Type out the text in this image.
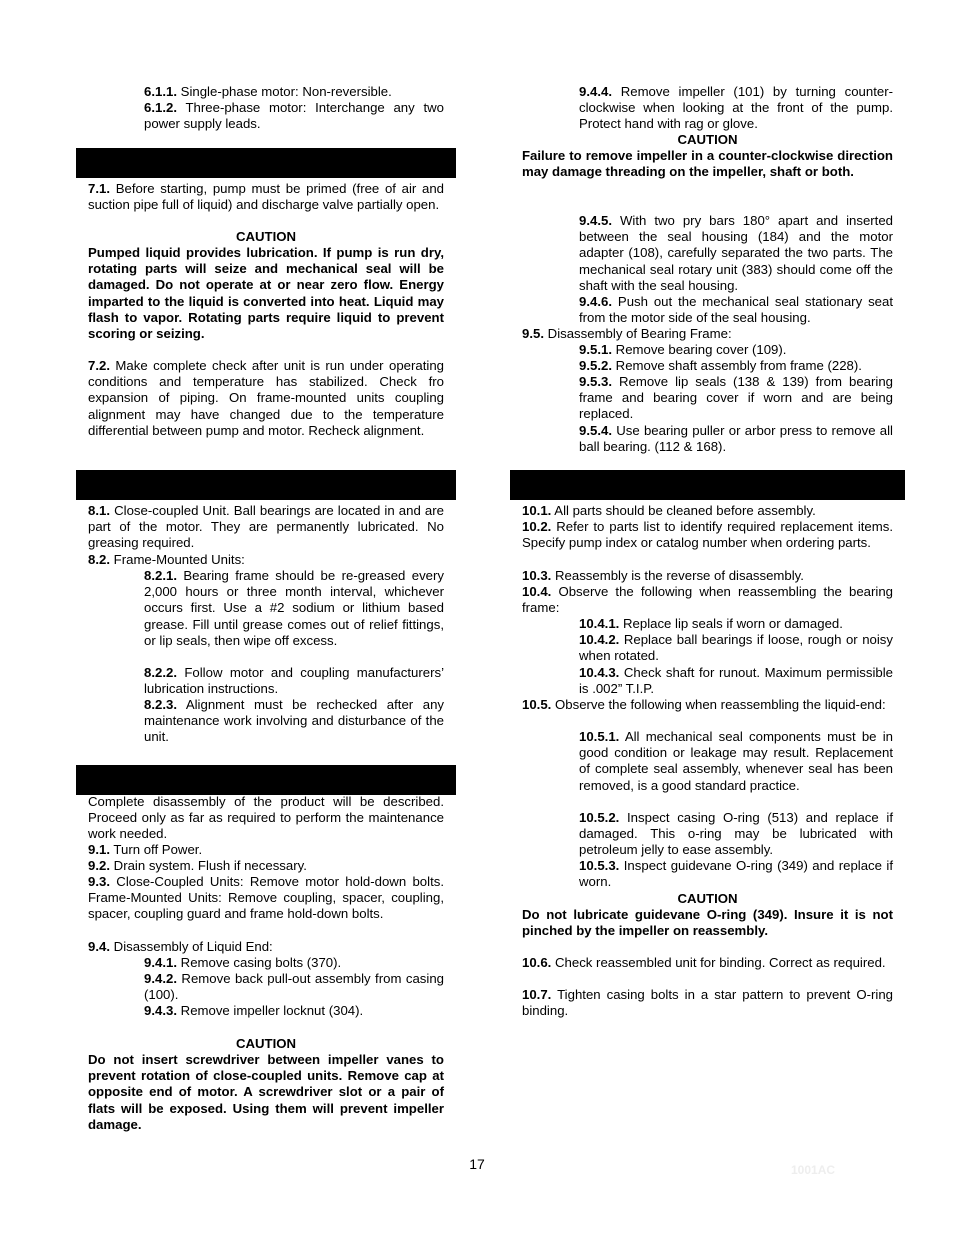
6.1.1. Single-phase motor: Non-reversible.

6.1.2. Three-phase motor: Interchange any two power supply leads.

7.1. Before starting, pump must be primed (free of air and suction pipe full of liquid) and discharge valve partially open.

CAUTION

Pumped liquid provides lubrication. If pump is run dry, rotating parts will seize and mechanical seal will be damaged. Do not operate at or near zero flow. Energy imparted to the liquid is converted into heat. Liquid may flash to vapor. Rotating parts require liquid to prevent scoring or seizing.

7.2. Make complete check after unit is run under operating conditions and temperature has stabilized. Check fro expansion of piping. On frame-mounted units coupling alignment may have changed due to the temperature differential between pump and motor. Recheck alignment.

8.1. Close-coupled Unit. Ball bearings are located in and are part of the motor. They are permanently lubricated. No greasing required.

8.2. Frame-Mounted Units:

8.2.1. Bearing frame should be re-greased every 2,000 hours or three month interval, whichever occurs first. Use a #2 sodium or lithium based grease. Fill until grease comes out of relief fittings, or lip seals, then wipe off excess.

8.2.2. Follow motor and coupling manufacturers’ lubrication instructions.

8.2.3. Alignment must be rechecked after any maintenance work involving and disturbance of the unit.

Complete disassembly of the product will be described. Proceed only as far as required to perform the maintenance work needed.

9.1. Turn off Power.

9.2. Drain system. Flush if necessary.

9.3. Close-Coupled Units: Remove motor hold-down bolts. Frame-Mounted Units: Remove coupling, spacer, coupling, spacer, coupling guard and frame hold-down bolts.

9.4. Disassembly of Liquid End:

9.4.1. Remove casing bolts (370).

9.4.2. Remove back pull-out assembly from casing (100).

9.4.3. Remove impeller locknut (304).

CAUTION

Do not insert screwdriver between impeller vanes to prevent rotation of close-coupled units. Remove cap at opposite end of motor. A screwdriver slot or a pair of flats will be exposed. Using them will prevent impeller damage.

9.4.4. Remove impeller (101) by turning counter-clockwise when looking at the front of the pump. Protect hand with rag or glove.

CAUTION

Failure to remove impeller in a counter-clockwise direction may damage threading on the impeller, shaft or both.

9.4.5. With two pry bars 180° apart and inserted between the seal housing (184) and the motor adapter (108), carefully separated the two parts. The mechanical seal rotary unit (383) should come off the shaft with the seal housing.

9.4.6. Push out the mechanical seal stationary seat from the motor side of the seal housing.

9.5. Disassembly of Bearing Frame:

9.5.1. Remove bearing cover (109).

9.5.2. Remove shaft assembly from frame (228).

9.5.3. Remove lip seals (138 & 139) from bearing frame and bearing cover if worn and are being replaced.

9.5.4. Use bearing puller or arbor press to remove all ball bearing. (112 & 168).

10.1. All parts should be cleaned before assembly.

10.2. Refer to parts list to identify required replacement items. Specify pump index or catalog number when ordering parts.

10.3. Reassembly is the reverse of disassembly.

10.4. Observe the following when reassembling the bearing frame:

10.4.1. Replace lip seals if worn or damaged.

10.4.2. Replace ball bearings if loose, rough or noisy when rotated.

10.4.3. Check shaft for runout. Maximum permissible is .002” T.I.P.

10.5. Observe the following when reassembling the liquid-end:

10.5.1. All mechanical seal components must be in good condition or leakage may result. Replacement of complete seal assembly, whenever seal has been removed, is a good standard practice.

10.5.2. Inspect casing O-ring (513) and replace if damaged. This o-ring may be lubricated with petroleum jelly to ease assembly.

10.5.3. Inspect guidevane O-ring (349) and replace if worn.

CAUTION

Do not lubricate guidevane O-ring (349). Insure it is not pinched by the impeller on reassembly.

10.6. Check reassembled unit for binding. Correct as required.

10.7. Tighten casing bolts in a star pattern to prevent O-ring binding.

17	1001AC
